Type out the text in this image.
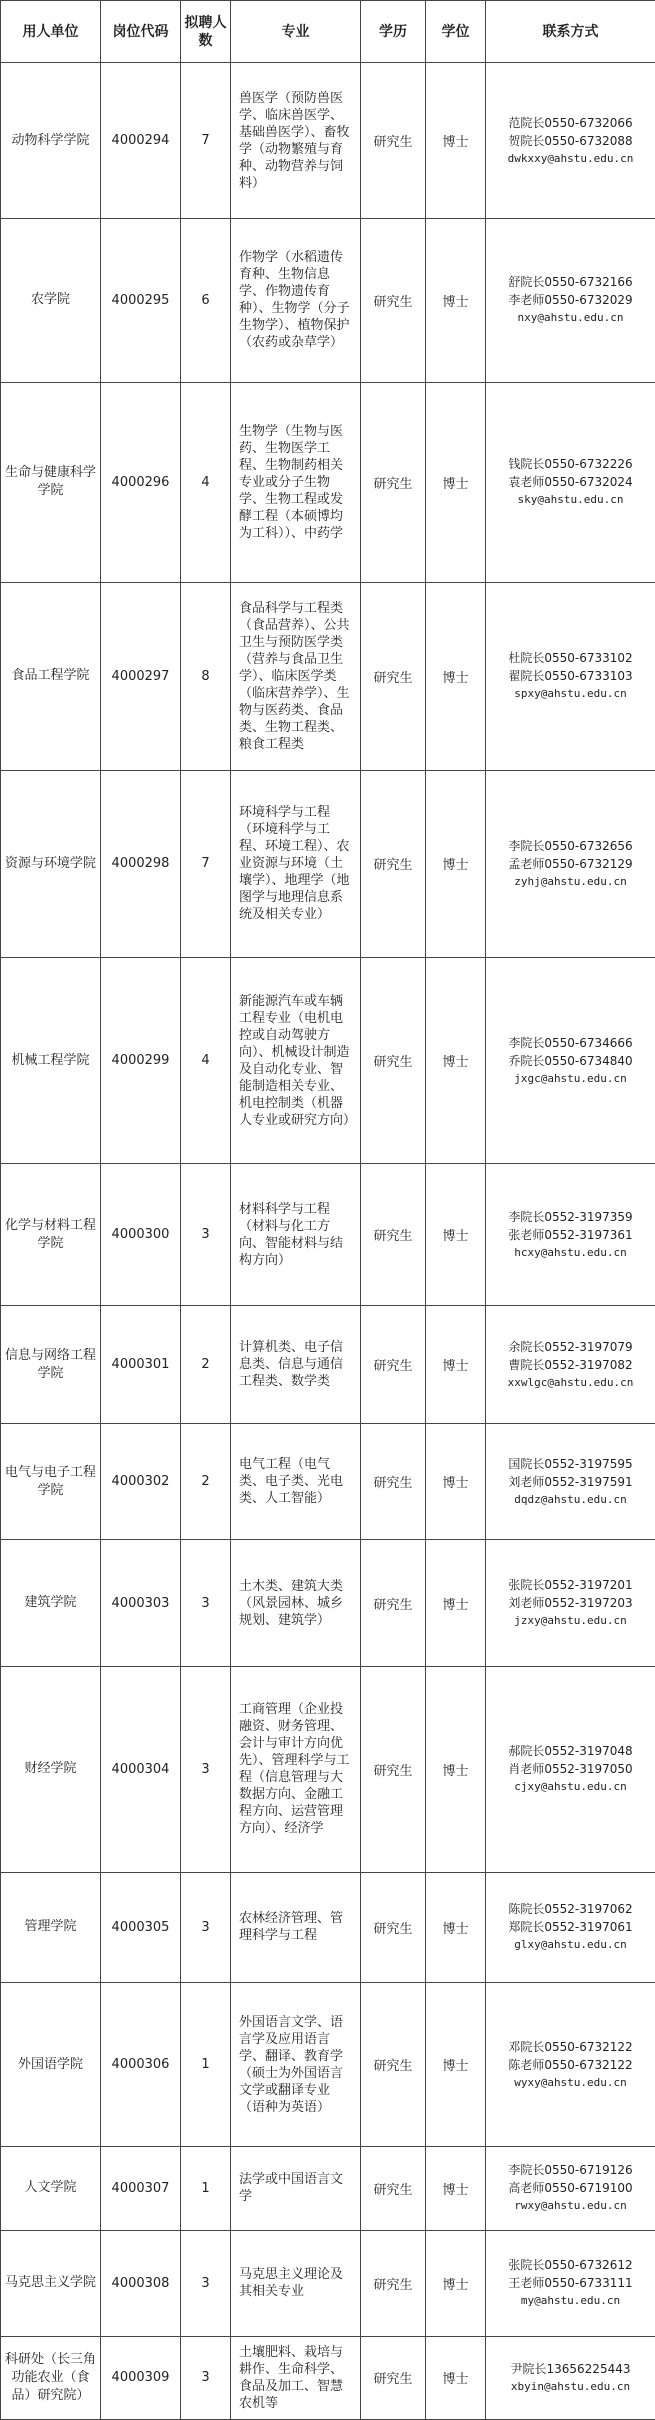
用人单位	岗位代码	拟聘人数	专业	学历	学位	联系方式
动物科学学院	4000294	7	兽医学（预防兽医学、临床兽医学、基础兽医学）、畜牧学（动物繁殖与育种、动物营养与饲料）	研究生	博士	范院长0550-6732066
贺院长0550-6732088
dwkxxy@ahstu.edu.cn

农学院	4000295	6	作物学（水稻遗传育种、生物信息学、作物遗传育种）、生物学（分子生物学）、植物保护（农药或杂草学）	研究生	博士	舒院长0550-6732166
李老师0550-6732029
nxy@ahstu.edu.cn

生命与健康科学学院	4000296	4	生物学（生物与医药、生物医学工程、生物制药相关专业或分子生物学、生物工程或发酵工程（本硕博均为工科））、中药学	研究生	博士	钱院长0550-6732226
袁老师0550-6732024
sky@ahstu.edu.cn

食品工程学院	4000297	8	食品科学与工程类（食品营养）、公共卫生与预防医学类（营养与食品卫生学）、临床医学类（临床营养学）、生物与医药类、食品类、生物工程类、粮食工程类	研究生	博士	杜院长0550-6733102
翟院长0550-6733103
spxy@ahstu.edu.cn

资源与环境学院	4000298	7	环境科学与工程（环境科学与工程、环境工程）、农业资源与环境（土壤学）、地理学（地图学与地理信息系统及相关专业）	研究生	博士	李院长0550-6732656
孟老师0550-6732129
zyhj@ahstu.edu.cn

机械工程学院	4000299	4	新能源汽车或车辆工程专业（电机电控或自动驾驶方向）、机械设计制造及自动化专业、智能制造相关专业、机电控制类（机器人专业或研究方向）	研究生	博士	李院长0550-6734666
乔院长0550-6734840
jxgc@ahstu.edu.cn

化学与材料工程学院	4000300	3	材料科学与工程（材料与化工方向、智能材料与结构方向）	研究生	博士	李院长0552-3197359
张老师0552-3197361
hcxy@ahstu.edu.cn

信息与网络工程学院	4000301	2	计算机类、电子信息类、信息与通信工程类、数学类	研究生	博士	余院长0552-3197079
曹院长0552-3197082
xxwlgc@ahstu.edu.cn

电气与电子工程学院	4000302	2	电气工程（电气类、电子类、光电类、人工智能）	研究生	博士	国院长0552-3197595
刘老师0552-3197591
dqdz@ahstu.edu.cn

建筑学院	4000303	3	土木类、建筑大类（风景园林、城乡规划、建筑学）	研究生	博士	张院长0552-3197201
刘老师0552-3197203
jzxy@ahstu.edu.cn

财经学院	4000304	3	工商管理（企业投融资、财务管理、会计与审计方向优先）、管理科学与工程（信息管理与大数据方向、金融工程方向、运营管理方向）、经济学	研究生	博士	郝院长0552-3197048
肖老师0552-3197050
cjxy@ahstu.edu.cn

管理学院	4000305	3	农林经济管理、管理科学与工程	研究生	博士	陈院长0552-3197062
郑院长0552-3197061
glxy@ahstu.edu.cn

外国语学院	4000306	1	外国语言文学、语言学及应用语言学、翻译、教育学（硕士为外国语言文学或翻译专业（语种为英语）	研究生	博士	邓院长0550-6732122
陈老师0550-6732122
wyxy@ahstu.edu.cn

人文学院	4000307	1	法学或中国语言文学	研究生	博士	李院长0550-6719126
高老师0550-6719100
rwxy@ahstu.edu.cn

马克思主义学院	4000308	3	马克思主义理论及其相关专业	研究生	博士	张院长0550-6732612
王老师0550-6733111
my@ahstu.edu.cn

科研处（长三角功能农业（食品）研究院）	4000309	3	土壤肥料、栽培与耕作、生命科学、食品及加工、智慧农机等	研究生	博士	尹院长13656225443
xbyin@ahstu.edu.cn
